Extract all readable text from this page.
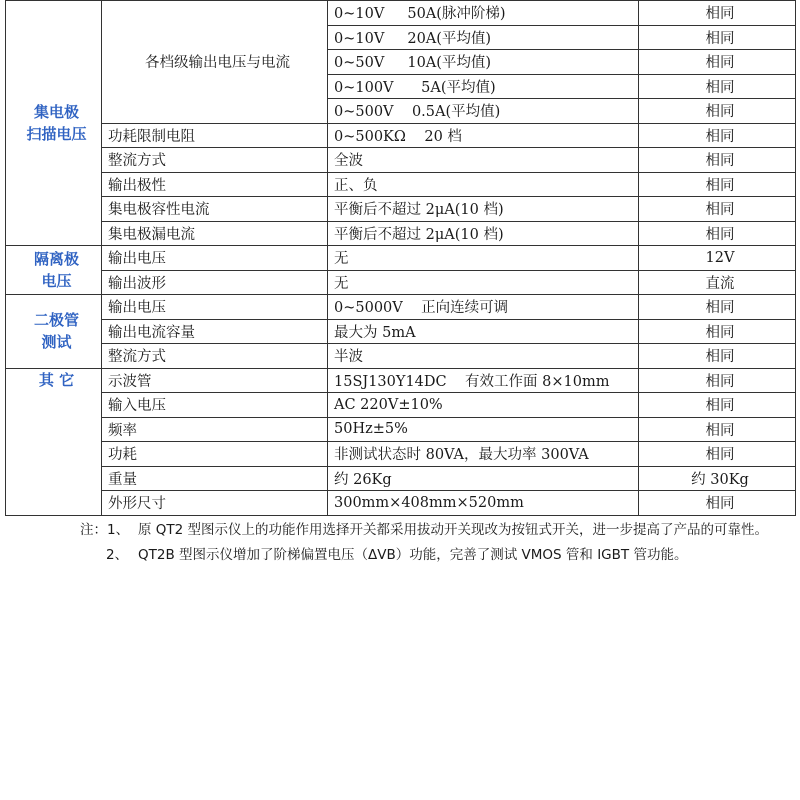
集电极
扫描电压	各档级输出电压与电流	0~10V     50A(脉冲阶梯)	相同
		0~10V     20A(平均值)	相同
		0~50V     10A(平均值)	相同
		0~100V      5A(平均值)	相同
		0~500V    0.5A(平均值)	相同
	功耗限制电阻	0~500KΩ    20 档	相同
	整流方式	全波	相同
	输出极性	正、负	相同
	集电极容性电流	平衡后不超过 2μA(10 档)	相同
	集电极漏电流	平衡后不超过 2μA(10 档)	相同

隔离极
电压	输出电压	无	12V
	输出波形	无	直流

二极管
测试	输出电压	0~5000V    正向连续可调	相同
	输出电流容量	最大为 5mA	相同
	整流方式	半波	相同
其 它	示波管	15SJ130Y14DC    有效工作面 8×10mm	相同
	输入电压	AC 220V±10%	相同
	频率	50Hz±5%	相同
	功耗	非测试状态时 80VA，最大功率 300VA	相同
	重量	约 26Kg	约 30Kg
	外形尺寸	300mm×408mm×520mm	相同
注：1、 原 QT2 型图示仪上的功能作用选择开关都采用拔动开关现改为按钮式开关，进一步提高了产品的可靠性。
2、 QT2B 型图示仪增加了阶梯偏置电压（ΔVB）功能，完善了测试 VMOS 管和 IGBT 管功能。
